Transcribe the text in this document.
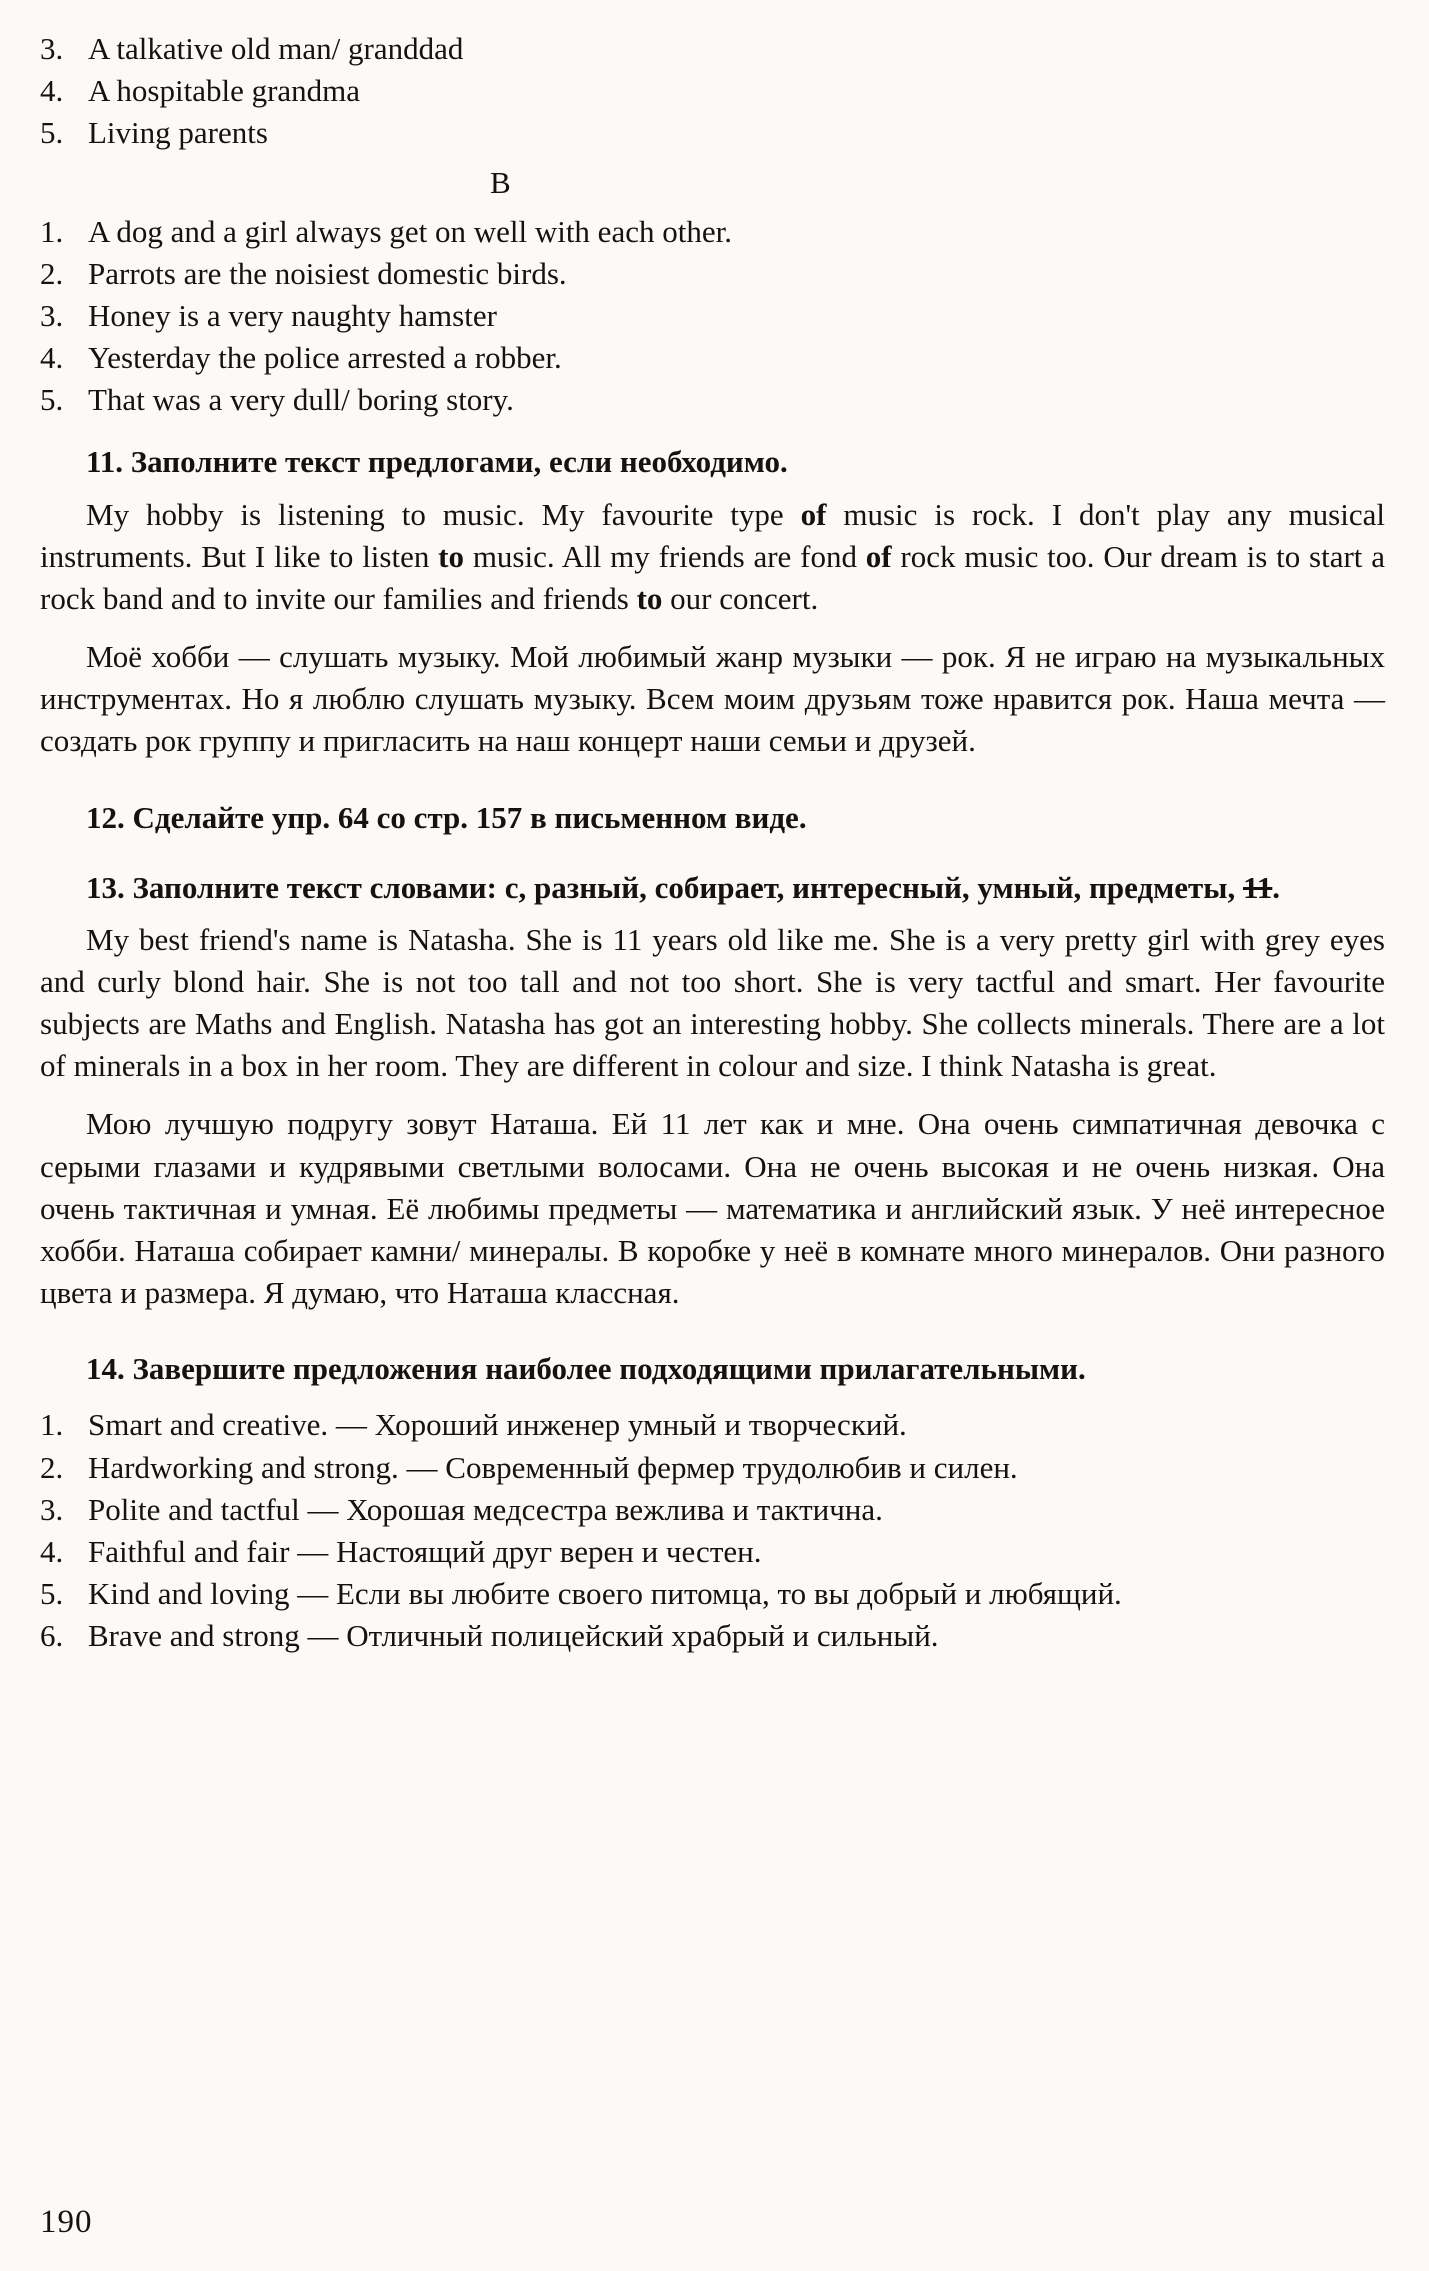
3. A talkative old man/ granddad
4. A hospitable grandma
5. Living parents
B
1. A dog and a girl always get on well with each other.
2. Parrots are the noisiest domestic birds.
3. Honey is a very naughty hamster
4. Yesterday the police arrested a robber.
5. That was a very dull/ boring story.

11. Заполните текст предлогами, если необходимо.

My hobby is listening to music. My favourite type of music is rock. I don't play any musical instruments. But I like to listen to music. All my friends are fond of rock music too. Our dream is to start a rock band and to invite our families and friends to our concert.

Моё хобби — слушать музыку. Мой любимый жанр музыки — рок. Я не играю на музыкальных инструментах. Но я люблю слушать музыку. Всем моим друзьям тоже нравится рок. Наша мечта — создать рок группу и пригласить на наш концерт наши семьи и друзей.

12. Сделайте упр. 64 со стр. 157 в письменном виде.

13. Заполните текст словами: с, разный, собирает, интересный, умный, предметы, 11.

My best friend's name is Natasha. She is 11 years old like me. She is a very pretty girl with grey eyes and curly blond hair. She is not too tall and not too short. She is very tactful and smart. Her favourite subjects are Maths and English. Natasha has got an interesting hobby. She collects minerals. There are a lot of minerals in a box in her room. They are different in colour and size. I think Natasha is great.

Мою лучшую подругу зовут Наташа. Ей 11 лет как и мне. Она очень симпатичная девочка с серыми глазами и кудрявыми светлыми волосами. Она не очень высокая и не очень низкая. Она очень тактичная и умная. Её любимы предметы — математика и английский язык. У неё интересное хобби. Наташа собирает камни/ минералы. В коробке у неё в комнате много минералов. Они разного цвета и размера. Я думаю, что Наташа классная.

14. Завершите предложения наиболее подходящими прилагательными.

1. Smart and creative. — Хороший инженер умный и творческий.
2. Hardworking and strong. — Современный фермер трудолюбив и силен.
3. Polite and tactful — Хорошая медсестра вежлива и тактична.
4. Faithful and fair — Настоящий друг верен и честен.
5. Kind and loving — Если вы любите своего питомца, то вы добрый и любящий.
6. Brave and strong — Отличный полицейский храбрый и сильный.
190
